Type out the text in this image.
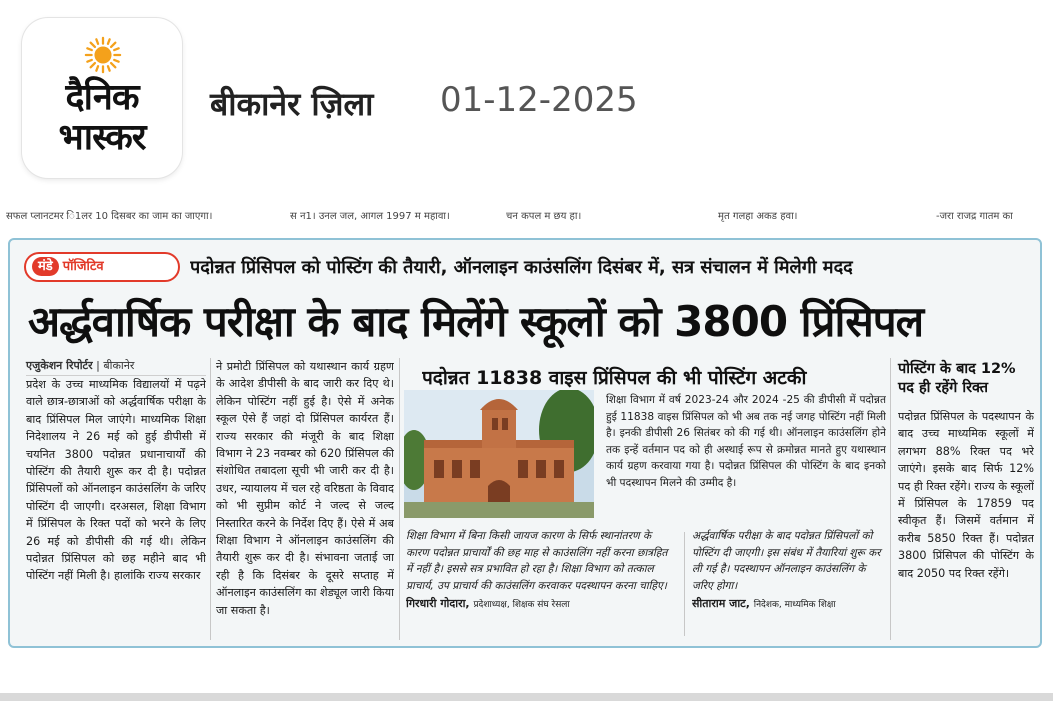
दैनिक
भास्कर
बीकानेर ज़िला 01-12-2025
सफल प्लानटमर ि1लर 10 दिसबर का जाम का जाएगा।	स न1। उनल जल, आगल 1997 म महावा।	चन कपल म छय हा।	मृत गलहा अकड हवा।	-जरा राजद्र गातम का
मंडे पॉजिटिव	पदोन्नत प्रिंसिपल को पोस्टिंग की तैयारी, ऑनलाइन काउंसलिंग दिसंबर में, सत्र संचालन में मिलेगी मदद
अर्द्धवार्षिक परीक्षा के बाद मिलेंगे स्कूलों को 3800 प्रिंसिपल
एजुकेशन रिपोर्टर | बीकानेर
प्रदेश के उच्च माध्यमिक विद्यालयों में पढ़ने वाले छात्र-छात्राओं को अर्द्धवार्षिक परीक्षा के बाद प्रिंसिपल मिल जाएंगे। माध्यमिक शिक्षा निदेशालय ने 26 मई को हुई डीपीसी में चयनित 3800 पदोन्नत प्रधानाचार्यों की पोस्टिंग की तैयारी शुरू कर दी है। पदोन्नत प्रिंसिपलों को ऑनलाइन काउंसलिंग के जरिए पोस्टिंग दी जाएगी। दरअसल, शिक्षा विभाग में प्रिंसिपल के रिक्त पदों को भरने के लिए 26 मई को डीपीसी की गई थी। लेकिन पदोन्नत प्रिंसिपल को छह महीने बाद भी पोस्टिंग नहीं मिली है। हालांकि राज्य सरकार
ने प्रमोटी प्रिंसिपल को यथास्थान कार्य ग्रहण के आदेश डीपीसी के बाद जारी कर दिए थे। लेकिन पोस्टिंग नहीं हुई है। ऐसे में अनेक स्कूल ऐसे हैं जहां दो प्रिंसिपल कार्यरत हैं। राज्य सरकार की मंजूरी के बाद शिक्षा विभाग ने 23 नवम्बर को 620 प्रिंसिपल की संशोधित तबादला सूची भी जारी कर दी है। उधर, न्यायालय में चल रहे वरिष्ठता के विवाद को भी सुप्रीम कोर्ट ने जल्द से जल्द निस्तारित करने के निर्देश दिए हैं। ऐसे में अब शिक्षा विभाग ने ऑनलाइन काउंसलिंग की तैयारी शुरू कर दी है। संभावना जताई जा रही है कि दिसंबर के दूसरे सप्ताह में ऑनलाइन काउंसलिंग का शेड्यूल जारी किया जा सकता है।
पदोन्नत 11838 वाइस प्रिंसिपल की भी पोस्टिंग अटकी
शिक्षा विभाग में वर्ष 2023-24 और 2024 -25 की डीपीसी में पदोन्नत हुई 11838 वाइस प्रिंसिपल को भी अब तक नई जगह पोस्टिंग नहीं मिली है। इनकी डीपीसी 26 सितंबर को की गई थी। ऑनलाइन काउंसलिंग होने तक इन्हें वर्तमान पद को ही अस्थाई रूप से क्रमोन्नत मानते हुए यथास्थान कार्य ग्रहण करवाया गया है। पदोन्नत प्रिंसिपल की पोस्टिंग के बाद इनको भी पदस्थापन मिलने की उम्मीद है।
शिक्षा विभाग में बिना किसी जायज कारण के सिर्फ स्थानांतरण के कारण पदोन्नत प्राचार्यों की छह माह से काउंसलिंग नहीं करना छात्रहित में नहीं है। इससे सत्र प्रभावित हो रहा है। शिक्षा विभाग को तत्काल प्राचार्य, उप प्राचार्य की काउंसलिंग करवाकर पदस्थापन करना चाहिए।
गिरधारी गोदारा, प्रदेशाध्यक्ष, शिक्षक संघ रेसला
अर्द्धवार्षिक परीक्षा के बाद पदोन्नत प्रिंसिपलों को पोस्टिंग दी जाएगी। इस संबंध में तैयारियां शुरू कर ली गई है। पदस्थापन ऑनलाइन काउंसलिंग के जरिए होगा।
सीताराम जाट, निदेशक, माध्यमिक शिक्षा
पोस्टिंग के बाद 12% पद ही रहेंगे रिक्त
पदोन्नत प्रिंसिपल के पदस्थापन के बाद उच्च माध्यमिक स्कूलों में लगभग 88% रिक्त पद भरे जाएंगे। इसके बाद सिर्फ 12% पद ही रिक्त रहेंगे। राज्य के स्कूलों में प्रिंसिपल के 17859 पद स्वीकृत हैं। जिसमें वर्तमान में करीब 5850 रिक्त हैं। पदोन्नत 3800 प्रिंसिपल की पोस्टिंग के बाद 2050 पद रिक्त रहेंगे।
